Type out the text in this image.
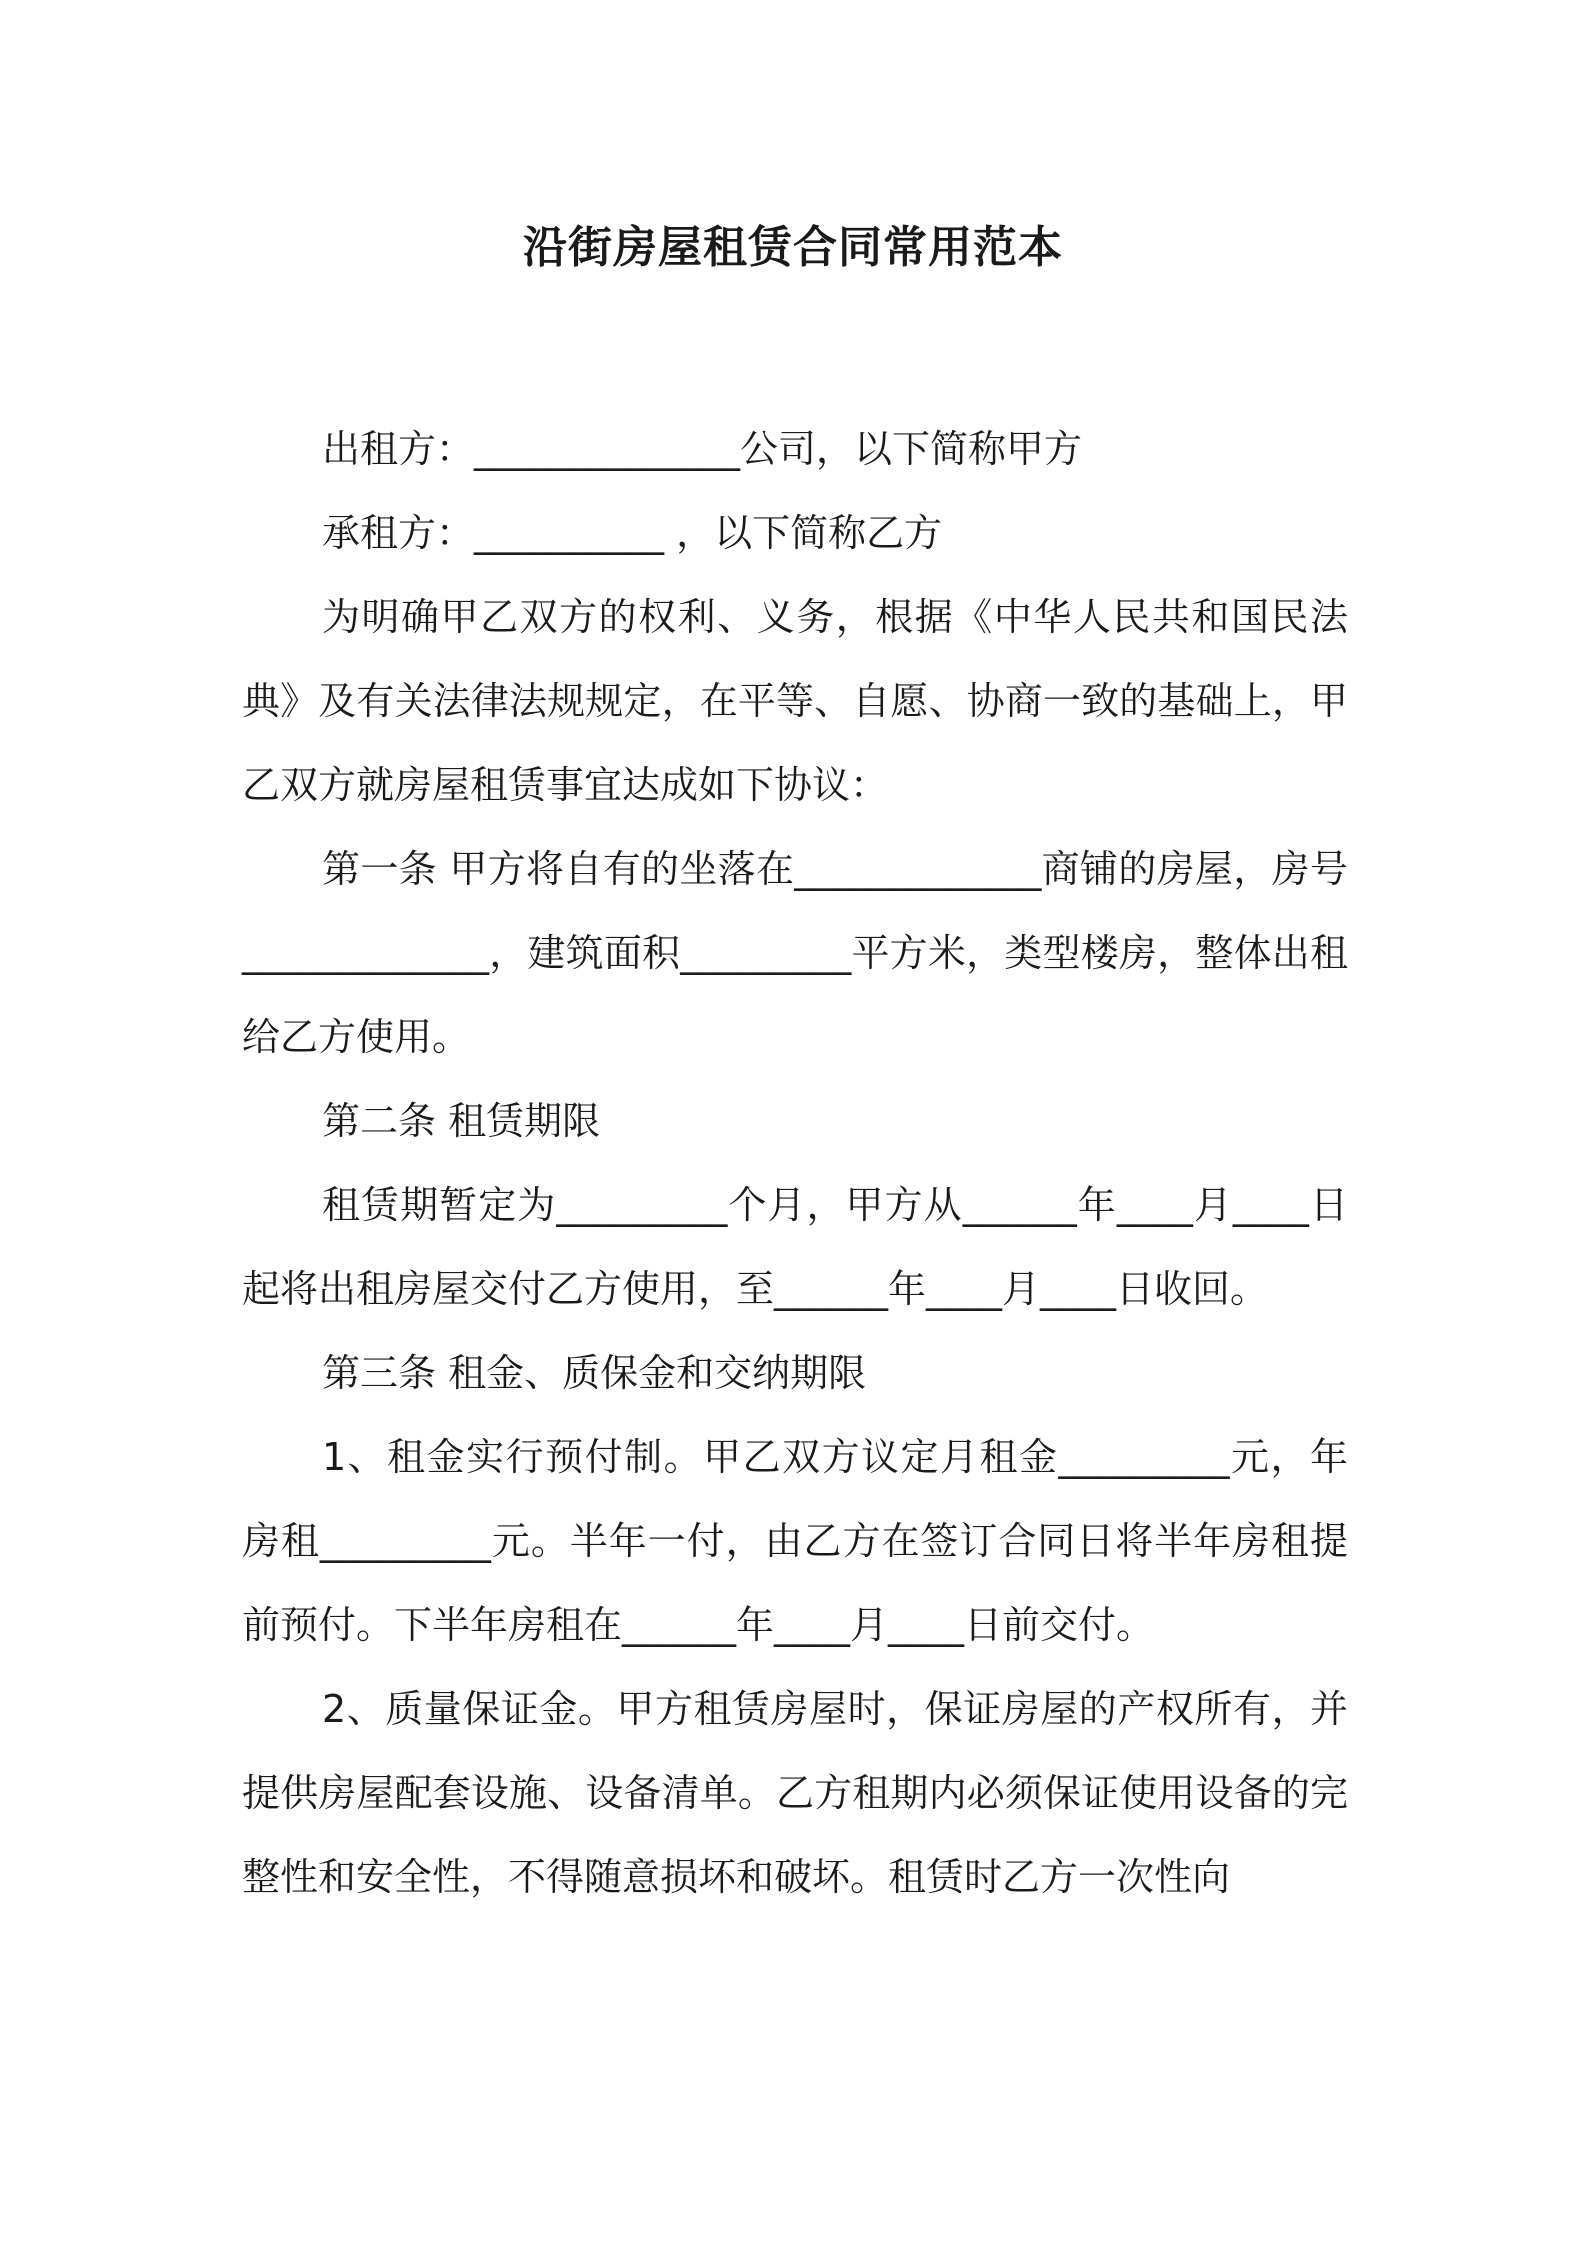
沿街房屋租赁合同常用范本

出租方：______________公司，以下简称甲方

承租方：__________ ，以下简称乙方

为明确甲乙双方的权利、义务，根据《中华人民共和国民法典》及有关法律法规规定，在平等、自愿、协商一致的基础上，甲乙双方就房屋租赁事宜达成如下协议：

第一条 甲方将自有的坐落在_____________商铺的房屋，房号_____________，建筑面积_________平方米，类型楼房，整体出租给乙方使用。

第二条 租赁期限

租赁期暂定为_________个月，甲方从______年____月____日起将出租房屋交付乙方使用，至______年____月____日收回。

第三条 租金、质保金和交纳期限

1、租金实行预付制。甲乙双方议定月租金_________元，年房租_________元。半年一付，由乙方在签订合同日将半年房租提前预付。下半年房租在______年____月____日前交付。

2、质量保证金。甲方租赁房屋时，保证房屋的产权所有，并提供房屋配套设施、设备清单。乙方租期内必须保证使用设备的完整性和安全性，不得随意损坏和破坏。租赁时乙方一次性向
